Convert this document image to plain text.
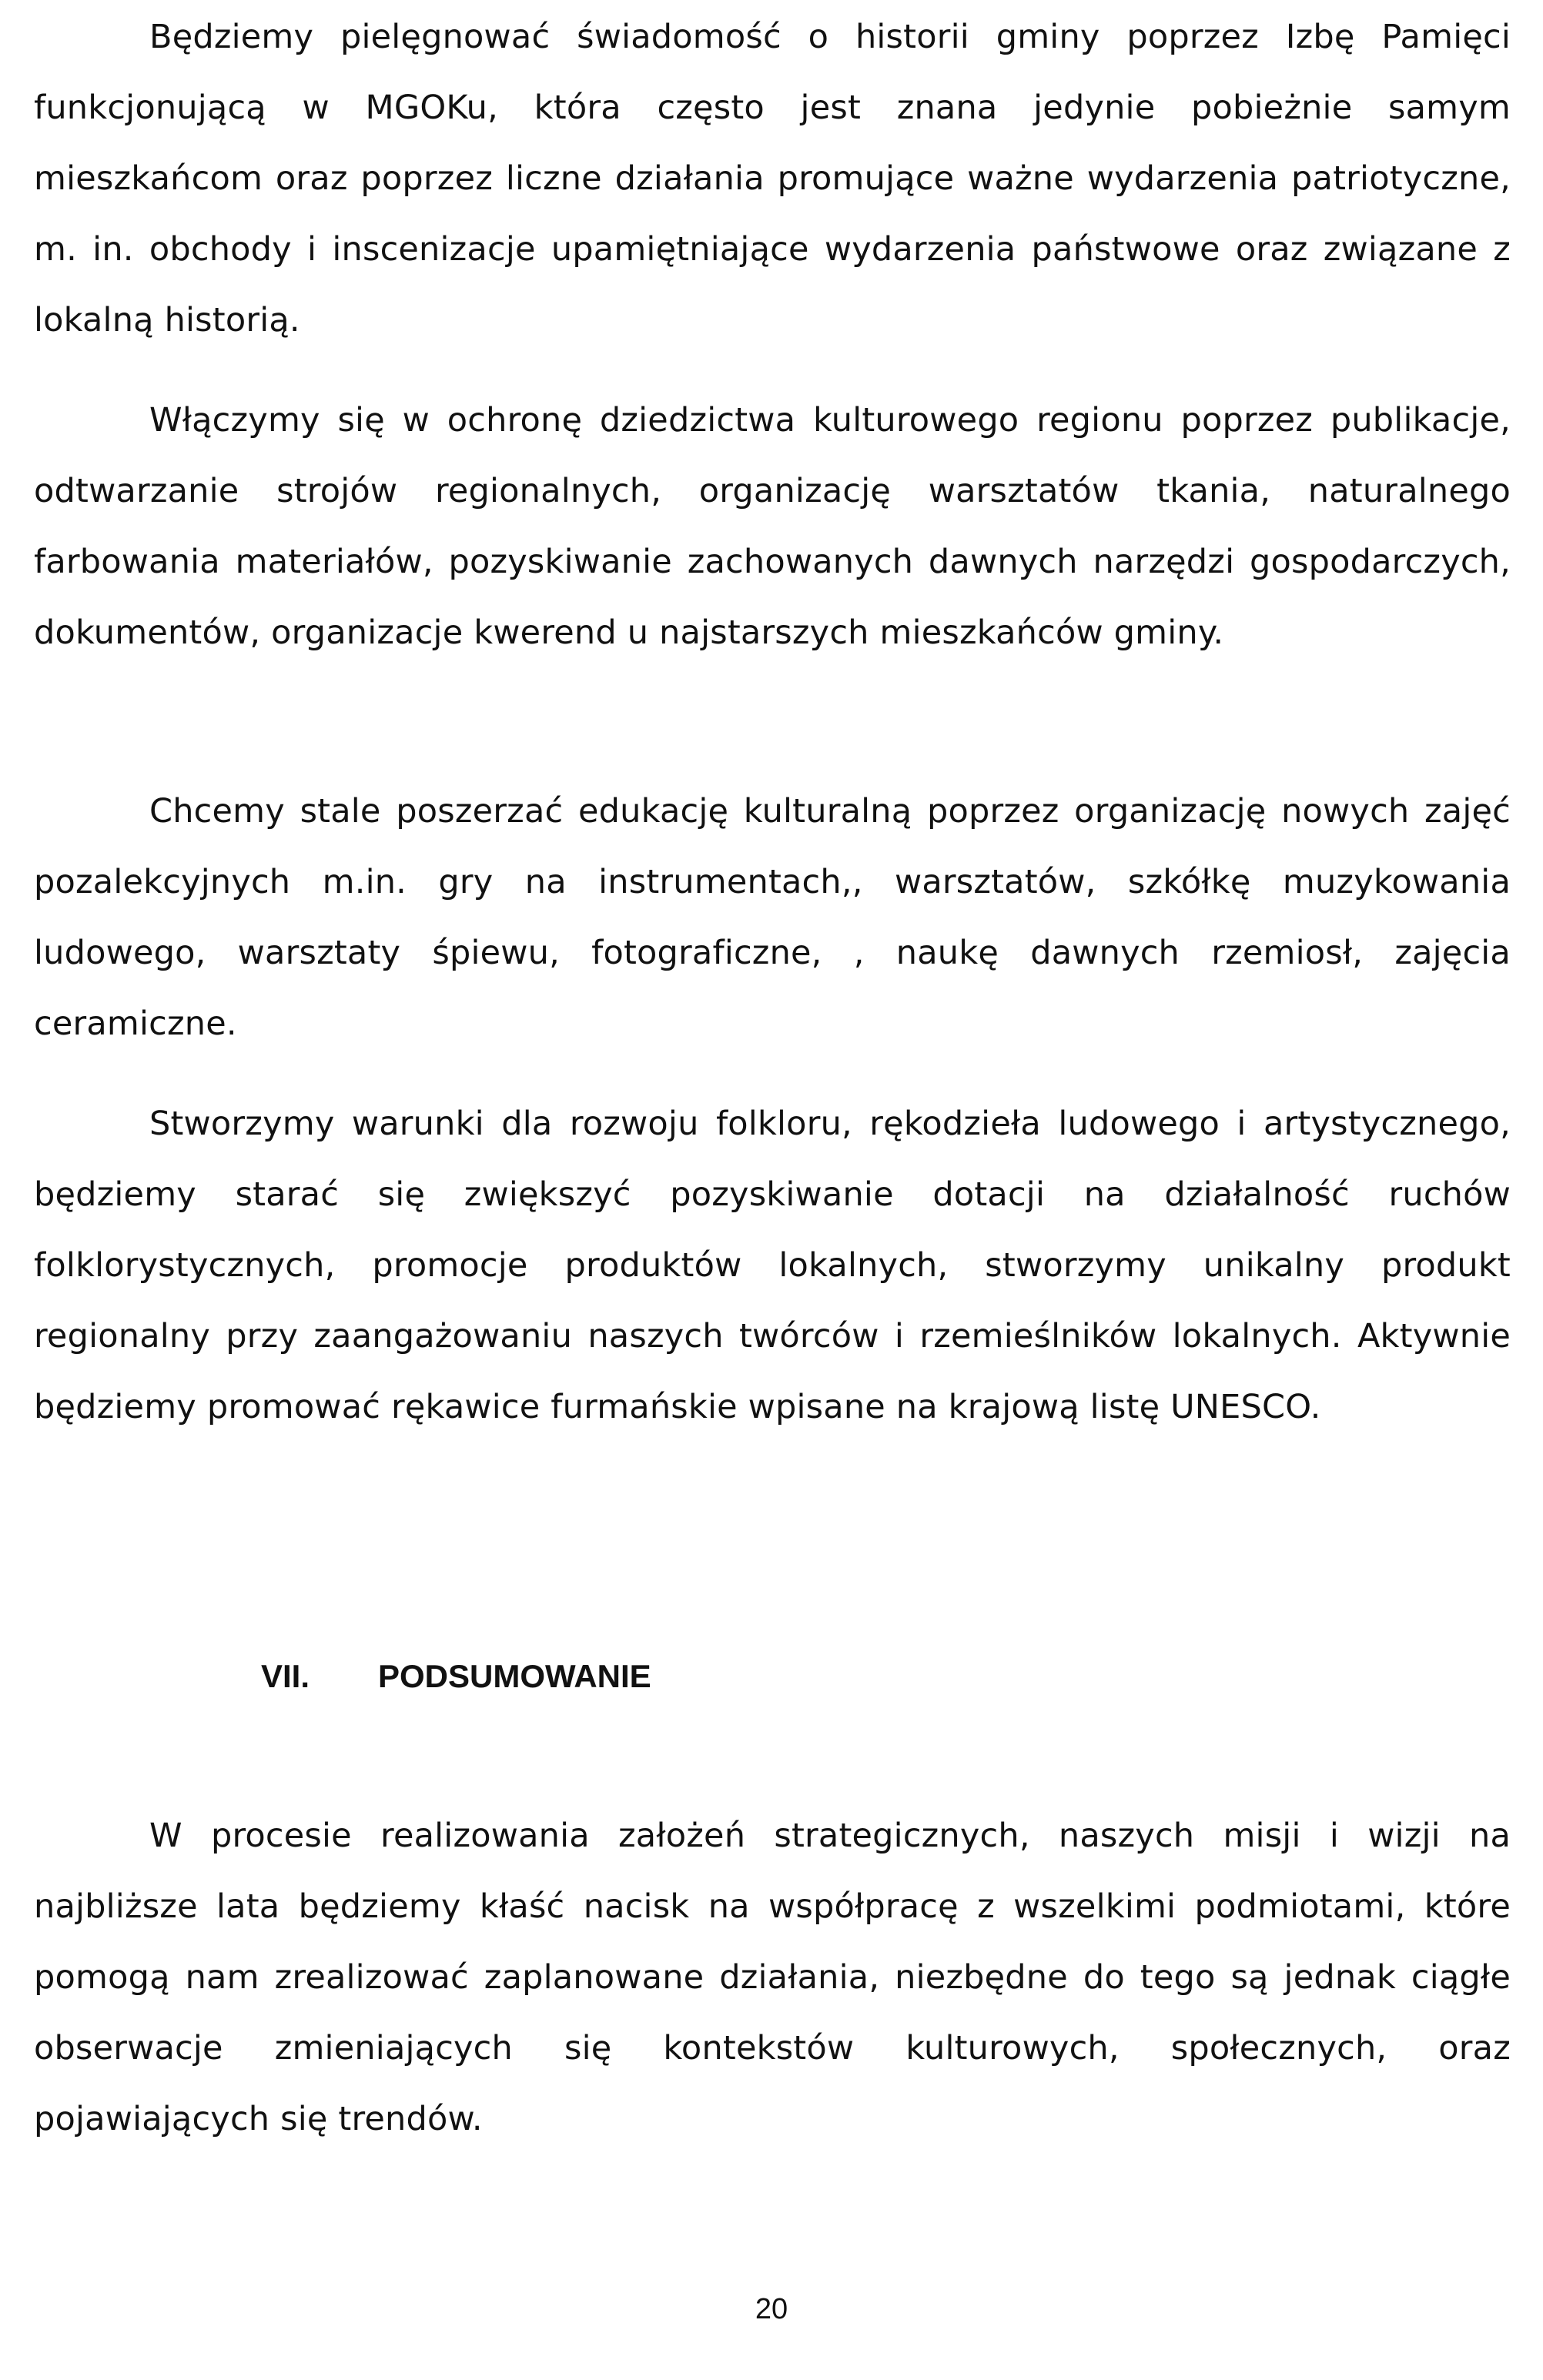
Będziemy pielęgnować świadomość o historii gminy poprzez Izbę Pamięci funkcjonującą w MGOKu, która często jest znana jedynie pobieżnie samym mieszkańcom oraz poprzez liczne działania promujące ważne wydarzenia patriotyczne, m. in. obchody i inscenizacje upamiętniające wydarzenia państwowe oraz związane z lokalną historią.

Włączymy się w ochronę dziedzictwa kulturowego regionu poprzez publikacje, odtwarzanie strojów regionalnych, organizację warsztatów tkania, naturalnego farbowania materiałów, pozyskiwanie zachowanych dawnych narzędzi gospodarczych, dokumentów, organizacje kwerend u najstarszych mieszkańców gminy.

Chcemy stale poszerzać edukację kulturalną poprzez organizację nowych zajęć pozalekcyjnych m.in. gry na instrumentach,, warsztatów, szkółkę muzykowania ludowego, warsztaty śpiewu, fotograficzne, , naukę dawnych rzemiosł, zajęcia ceramiczne.

Stworzymy warunki dla rozwoju folkloru, rękodzieła ludowego i artystycznego, będziemy starać się zwiększyć pozyskiwanie dotacji na działalność ruchów folklorystycznych, promocje produktów lokalnych, stworzymy unikalny produkt regionalny przy zaangażowaniu naszych twórców i rzemieślników lokalnych. Aktywnie będziemy promować rękawice furmańskie wpisane na krajową listę UNESCO.

VII. PODSUMOWANIE

W procesie realizowania założeń strategicznych, naszych misji i wizji na najbliższe lata będziemy kłaść nacisk na współpracę z wszelkimi podmiotami, które pomogą nam zrealizować zaplanowane działania, niezbędne do tego są jednak ciągłe obserwacje zmieniających się kontekstów kulturowych, społecznych, oraz pojawiających się trendów.

20
